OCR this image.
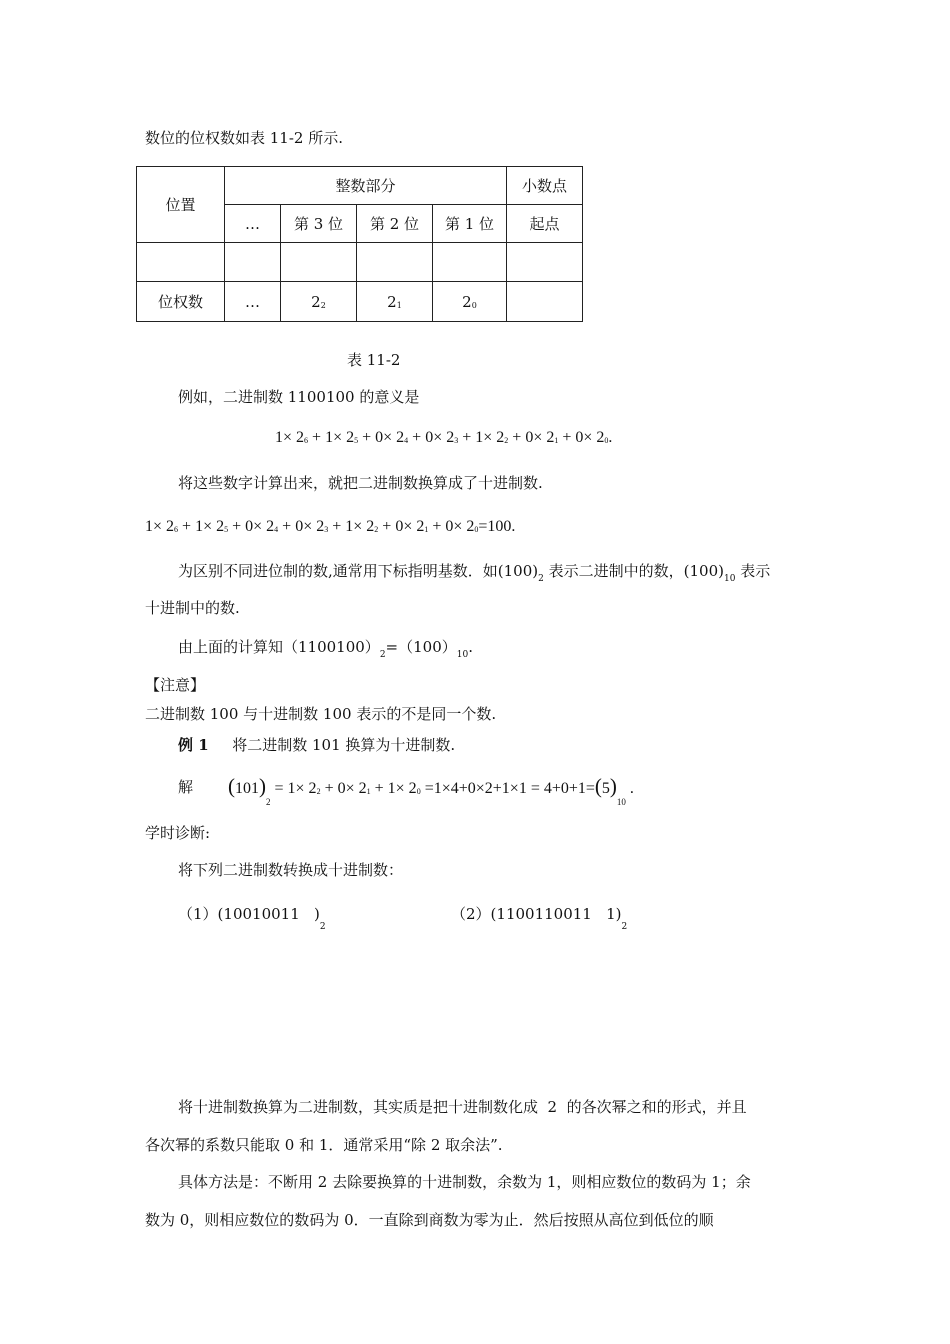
数位的位权数如表 11-2 所示.
位置	整数部分				小数点
	…	第 3 位	第 2 位	第 1 位	起点

位权数	…	$2^2$	$2^1$	$2^0$	
表 11-2
例如，二进制数 1100100 的意义是
$1\times 2^6 + 1\times 2^5 + 0\times 2^4 + 0\times 2^3 + 1\times 2^2 + 0\times 2^1 + 0\times 2^0$.
将这些数字计算出来，就把二进制数换算成了十进制数.
$1\times 2^6 + 1\times 2^5 + 0\times 2^4 + 0\times 2^3 + 1\times 2^2 + 0\times 2^1 + 0\times 2^0=100$.
为区别不同进位制的数,通常用下标指明基数．如$(100)_2$ 表示二进制中的数，$(100)_{10}$ 表示
十进制中的数.
由上面的计算知$(1100100)_2=(100)_{10}$.
【注意】
二进制数 100 与十进制数 100 表示的不是同一个数.
例 1 将二进制数 101 换算为十进制数.
解 $(101)_2 = 1\times 2^2 + 0\times 2^1 + 1\times 2^0 =1\times 4+0\times 2+1\times 1 = 4+0+1=(5)_{10}$ .
学时诊断:
将下列二进制数转换成十进制数：
（1）(10010011   )$_2$
（2）(1100110011   $1)_2$
将十进制数换算为二进制数，其实质是把十进制数化成  2  的各次幂之和的形式，并且
各次幂的系数只能取 0 和 1．通常采用“除 2 取余法”.
具体方法是：不断用 2 去除要换算的十进制数，余数为 1，则相应数位的数码为 1；余
数为 0，则相应数位的数码为 0．一直除到商数为零为止．然后按照从高位到低位的顺
